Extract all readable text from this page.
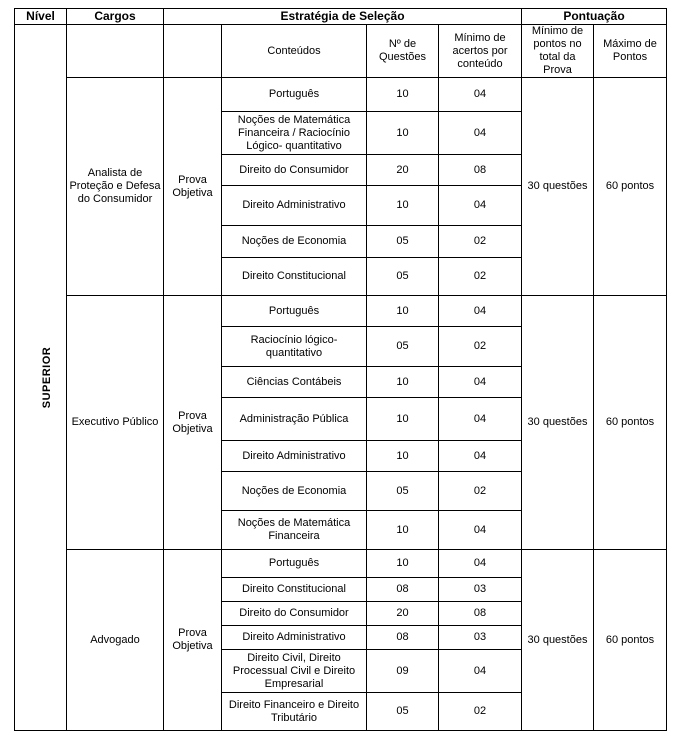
Nível	Cargos	Estratégia de Seleção				Pontuação	
SUPERIOR			Conteúdos	Nº de Questões	Mínimo de acertos por conteúdo	Mínimo de pontos no total da Prova	Máximo de Pontos
	Analista de Proteção e Defesa do Consumidor	Prova Objetiva	Português	10	04	30 questões	60 pontos
			Noções de Matemática Financeira / Raciocínio Lógico- quantitativo	10	04		
			Direito do Consumidor	20	08		
			Direito Administrativo	10	04		
			Noções de Economia	05	02		
			Direito Constitucional	05	02		
	Executivo Público	Prova Objetiva	Português	10	04	30 questões	60 pontos
			Raciocínio lógico- quantitativo	05	02		
			Ciências Contábeis	10	04		
			Administração Pública	10	04		
			Direito Administrativo	10	04		
			Noções de Economia	05	02		
			Noções de Matemática Financeira	10	04		
	Advogado	Prova Objetiva	Português	10	04	30 questões	60 pontos
			Direito Constitucional	08	03		
			Direito do Consumidor	20	08		
			Direito Administrativo	08	03		
			Direito Civil, Direito Processual Civil e Direito Empresarial	09	04		
			Direito Financeiro e Direito Tributário	05	02		
